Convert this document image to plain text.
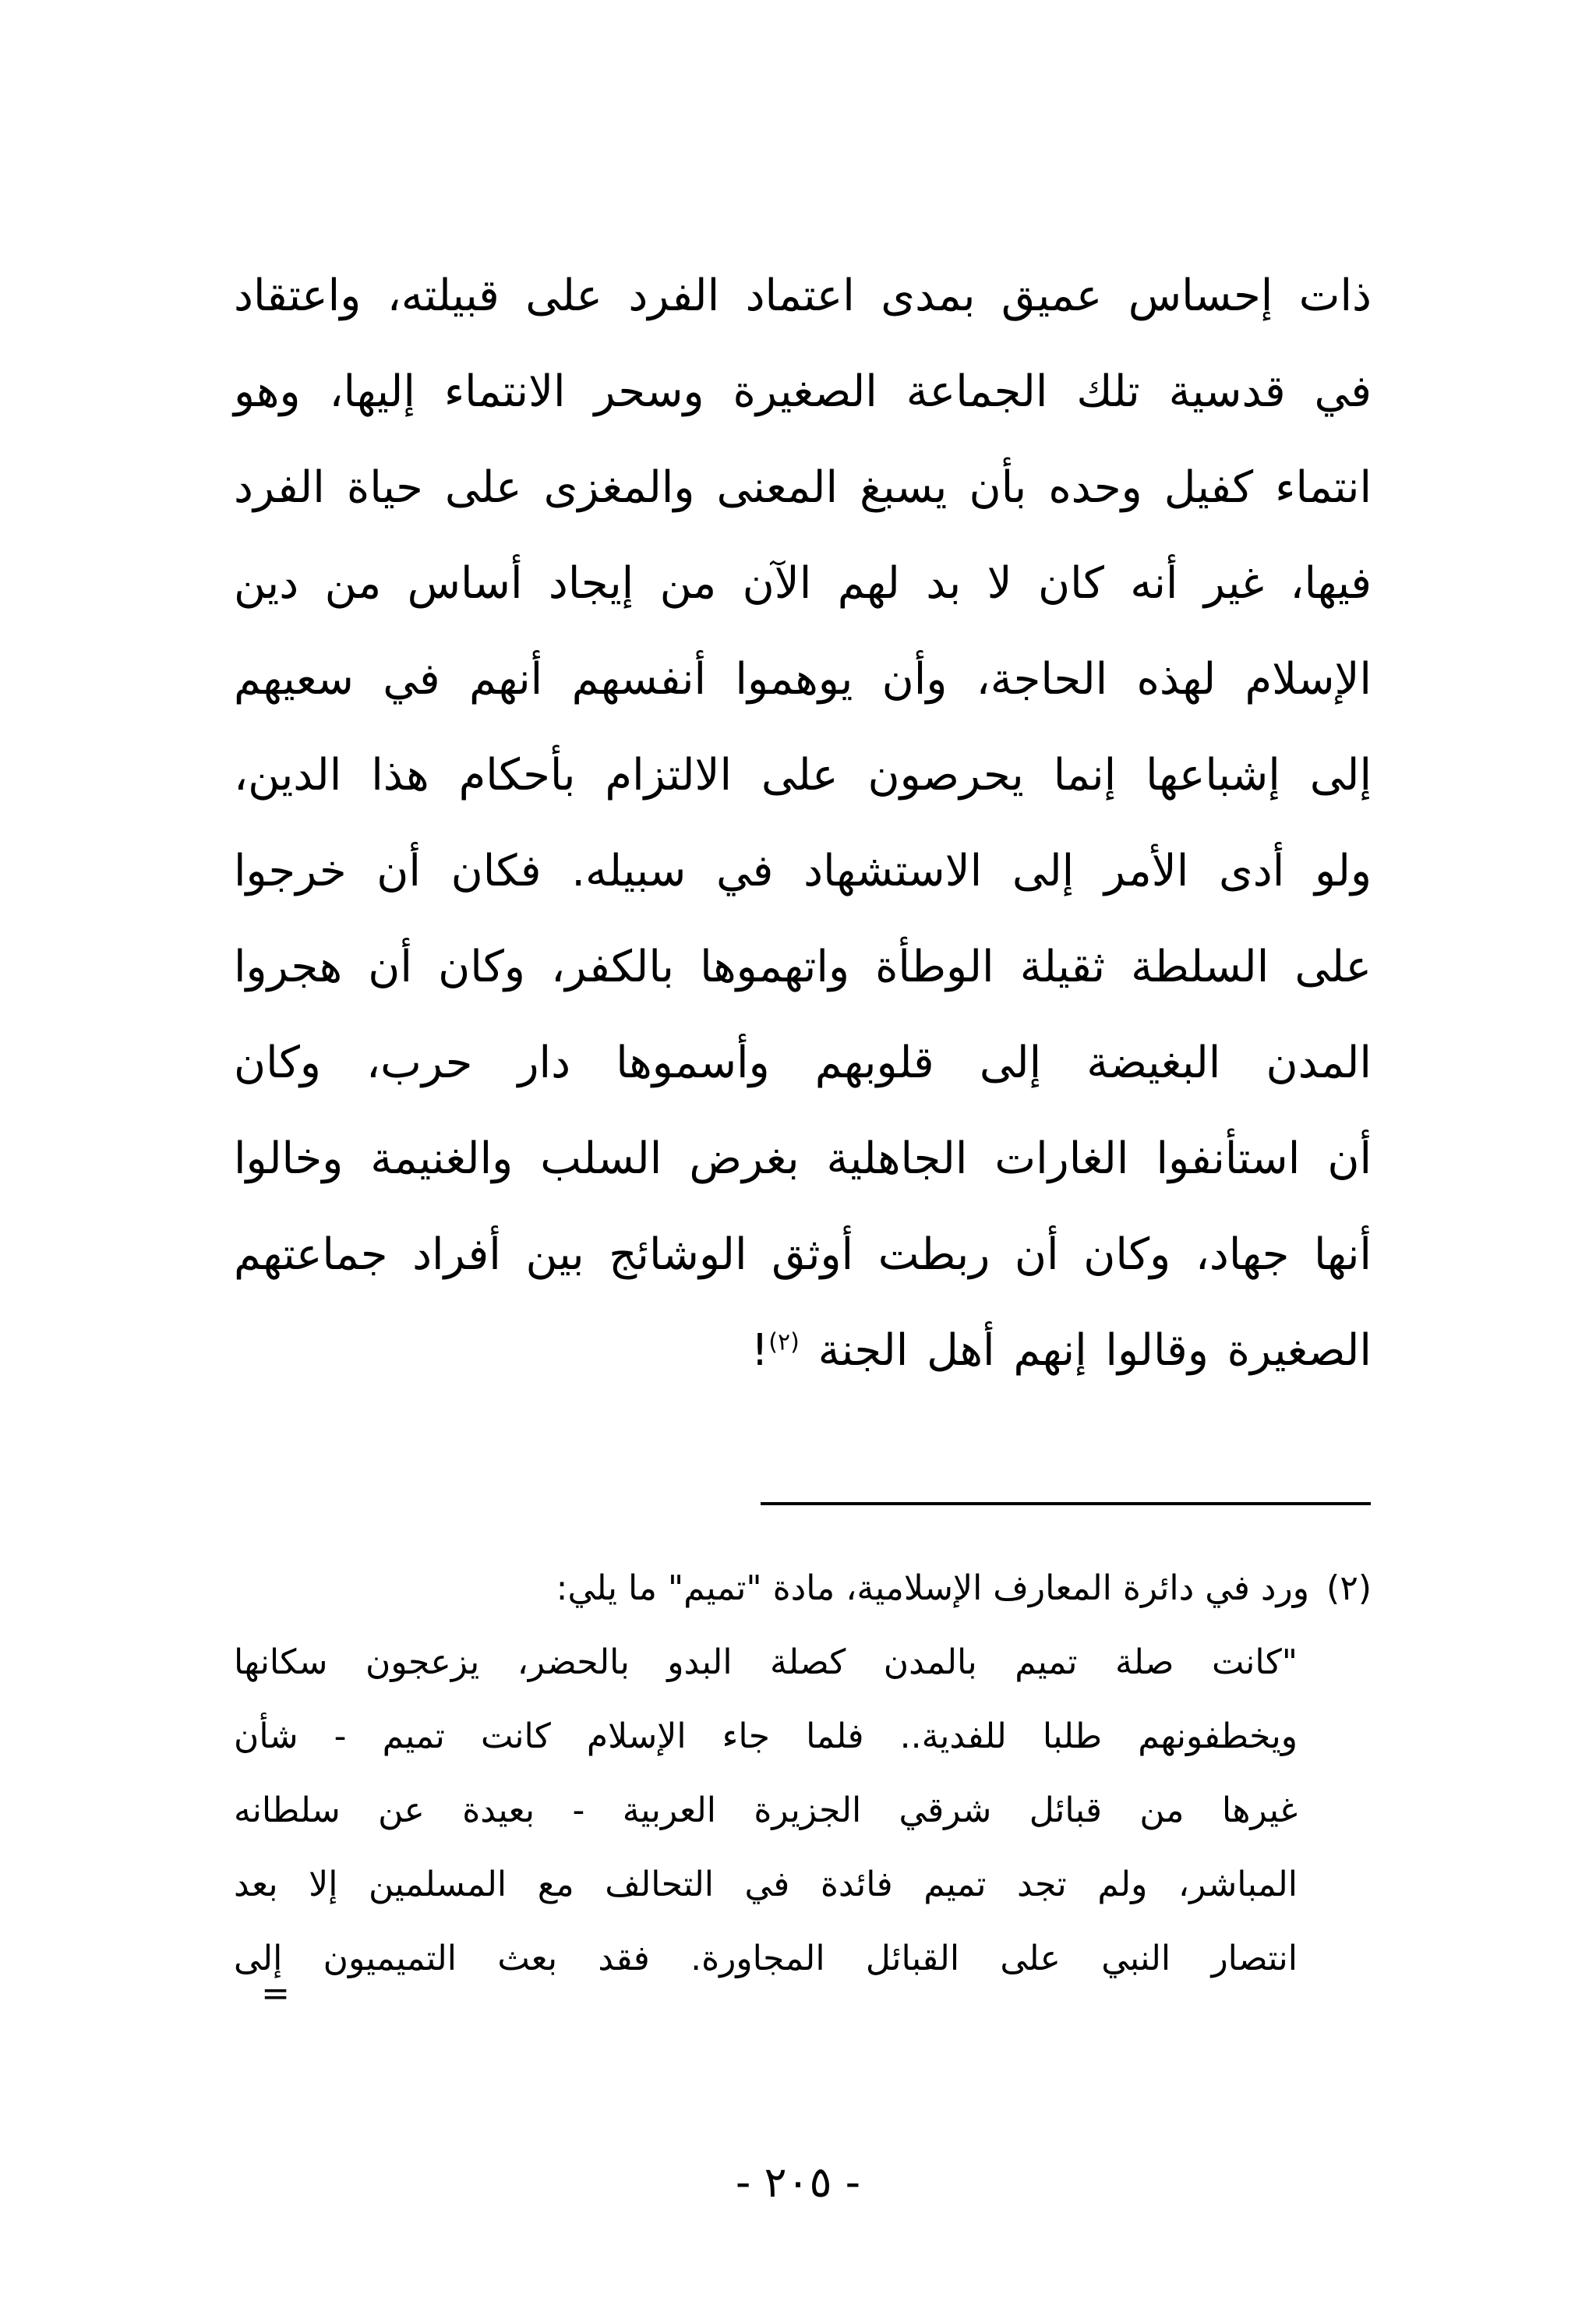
ذات إحساس عميق بمدى اعتماد الفرد على قبيلته، واعتقاد
في قدسية تلك الجماعة الصغيرة وسحر الانتماء إليها، وهو
انتماء كفيل وحده بأن يسبغ المعنى والمغزى على حياة الفرد
فيها، غير أنه كان لا بد لهم الآن من إيجاد أساس من دين
الإسلام لهذه الحاجة، وأن يوهموا أنفسهم أنهم في سعيهم
إلى إشباعها إنما يحرصون على الالتزام بأحكام هذا الدين،
ولو أدى الأمر إلى الاستشهاد في سبيله. فكان أن خرجوا
على السلطة ثقيلة الوطأة واتهموها بالكفر، وكان أن هجروا
المدن البغيضة إلى قلوبهم وأسموها دار حرب، وكان
أن استأنفوا الغارات الجاهلية بغرض السلب والغنيمة وخالوا
أنها جهاد، وكان أن ربطت أوثق الوشائج بين أفراد جماعتهم
الصغيرة وقالوا إنهم أهل الجنة $^{(٢)}$!
(٢)ورد في دائرة المعارف الإسلامية، مادة "تميم" ما يلي:
"كانت صلة تميم بالمدن كصلة البدو بالحضر، يزعجون سكانها
ويخطفونهم طلبا للفدية.. فلما جاء الإسلام كانت تميم - شأن
غيرها من قبائل شرقي الجزيرة العربية - بعيدة عن سلطانه
المباشر، ولم تجد تميم فائدة في التحالف مع المسلمين إلا بعد
انتصار النبي على القبائل المجاورة. فقد بعث التميميون إلى
=
- ٢٠٥ -
